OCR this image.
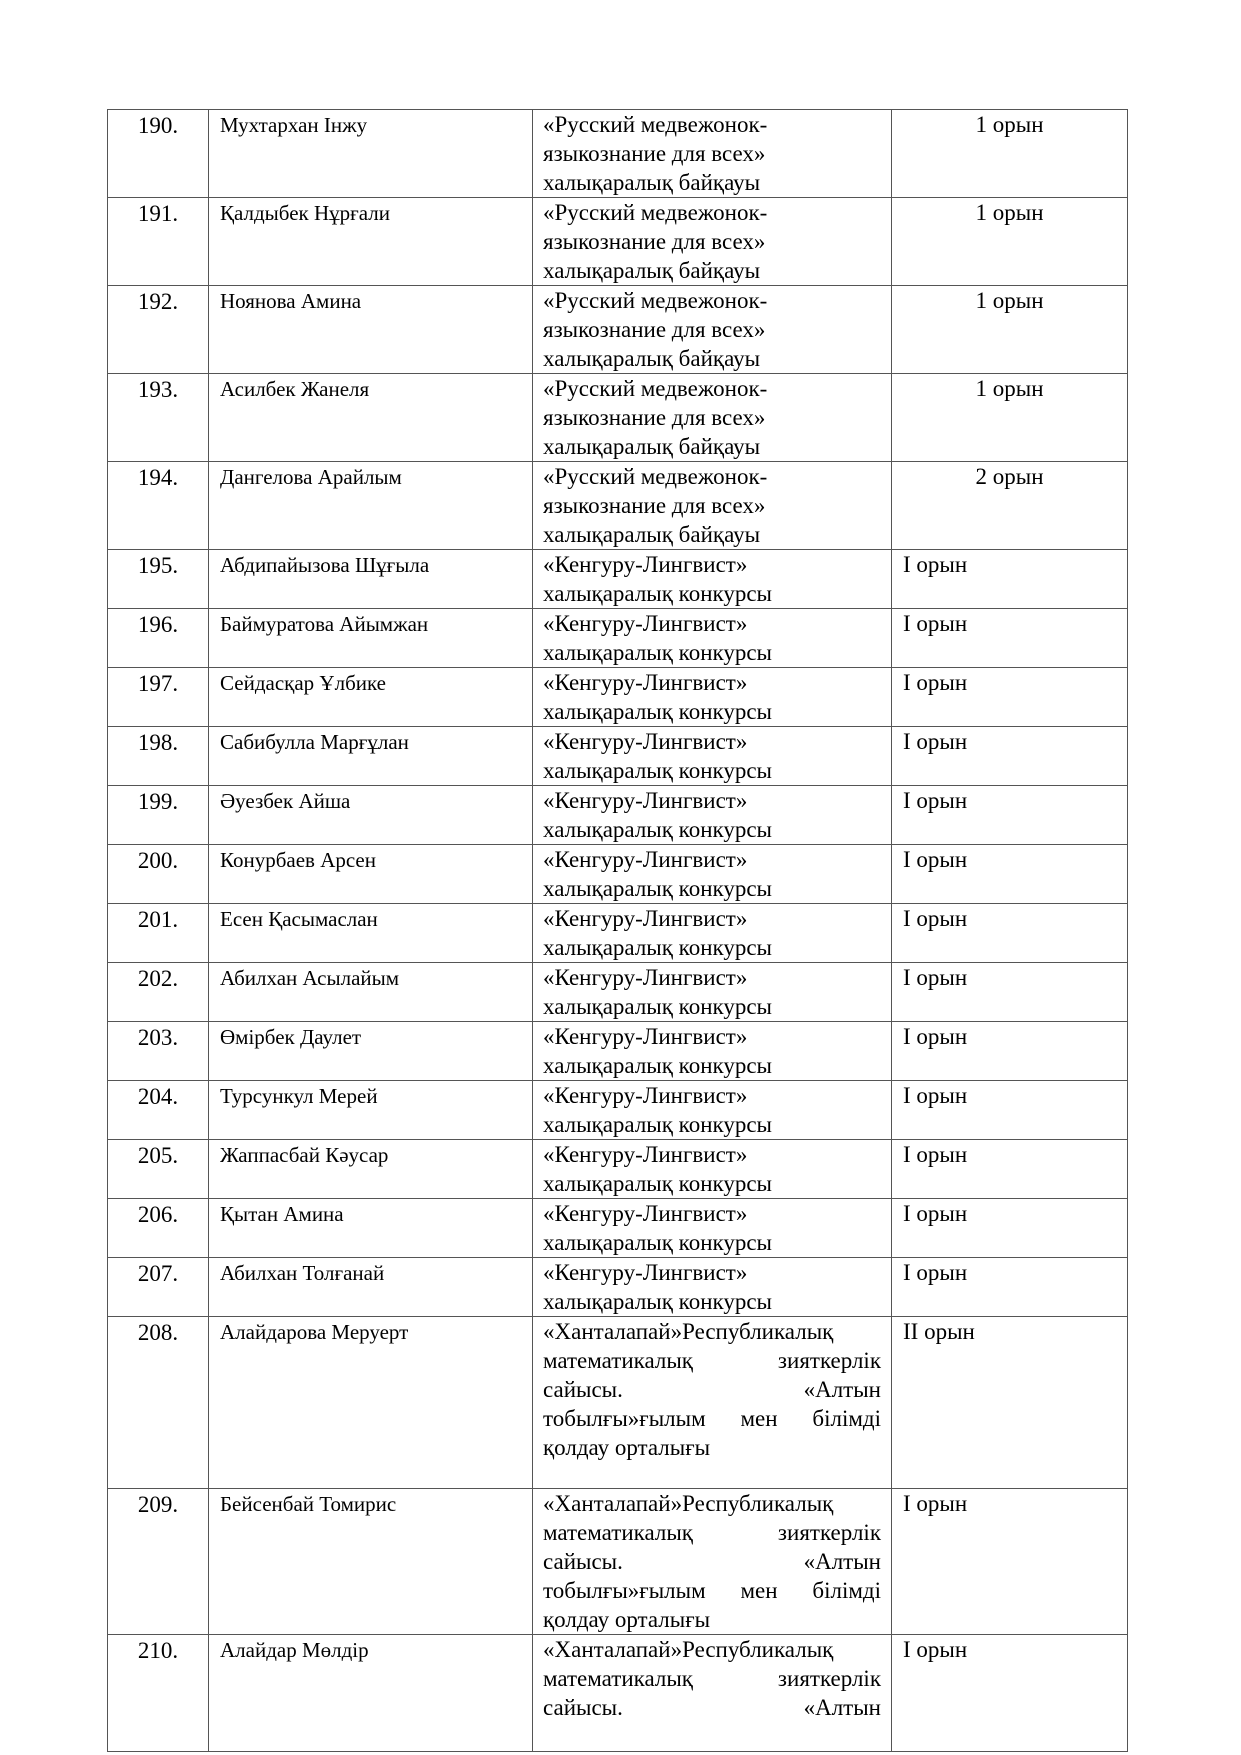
190.	Мухтархан Інжу	«Русский медвежонок-
языкознание для всех»
халықаралық байқауы	1 орын
191.	Қалдыбек Нұрғали	«Русский медвежонок-
языкознание для всех»
халықаралық байқауы	1 орын
192.	Ноянова Амина	«Русский медвежонок-
языкознание для всех»
халықаралық байқауы	1 орын
193.	Асилбек Жанеля	«Русский медвежонок-
языкознание для всех»
халықаралық байқауы	1 орын
194.	Дангелова Арайлым	«Русский медвежонок-
языкознание для всех»
халықаралық байқауы	2 орын
195.	Абдипайызова Шұғыла	«Кенгуру-Лингвист»
халықаралық конкурсы	I орын
196.	Баймуратова Айымжан	«Кенгуру-Лингвист»
халықаралық конкурсы	I орын
197.	Сейдасқар Ұлбике	«Кенгуру-Лингвист»
халықаралық конкурсы	I орын
198.	Сабибулла Марғұлан	«Кенгуру-Лингвист»
халықаралық конкурсы	I орын
199.	Әуезбек Айша	«Кенгуру-Лингвист»
халықаралық конкурсы	I орын
200.	Конурбаев Арсен	«Кенгуру-Лингвист»
халықаралық конкурсы	I орын
201.	Есен Қасымаслан	«Кенгуру-Лингвист»
халықаралық конкурсы	I орын
202.	Абилхан Асылайым	«Кенгуру-Лингвист»
халықаралық конкурсы	I орын
203.	Өмірбек Даулет	«Кенгуру-Лингвист»
халықаралық конкурсы	I орын
204.	Турсункул Мерей	«Кенгуру-Лингвист»
халықаралық конкурсы	I орын
205.	Жаппасбай Кәусар	«Кенгуру-Лингвист»
халықаралық конкурсы	I орын
206.	Қытан Амина	«Кенгуру-Лингвист»
халықаралық конкурсы	I орын
207.	Абилхан Толғанай	«Кенгуру-Лингвист»
халықаралық конкурсы	I орын
208.	Алайдарова Меруерт	«Ханталапай»Республикалық
математикалық зияткерлік
сайысы. «Алтын
тобылғы»ғылым мен білімді
қолдау орталығы	II орын
209.	Бейсенбай Томирис	«Ханталапай»Республикалық
математикалық зияткерлік
сайысы. «Алтын
тобылғы»ғылым мен білімді
қолдау орталығы	I орын
210.	Алайдар Мөлдір	«Ханталапай»Республикалық
математикалық зияткерлік
сайысы. «Алтын	I орын
